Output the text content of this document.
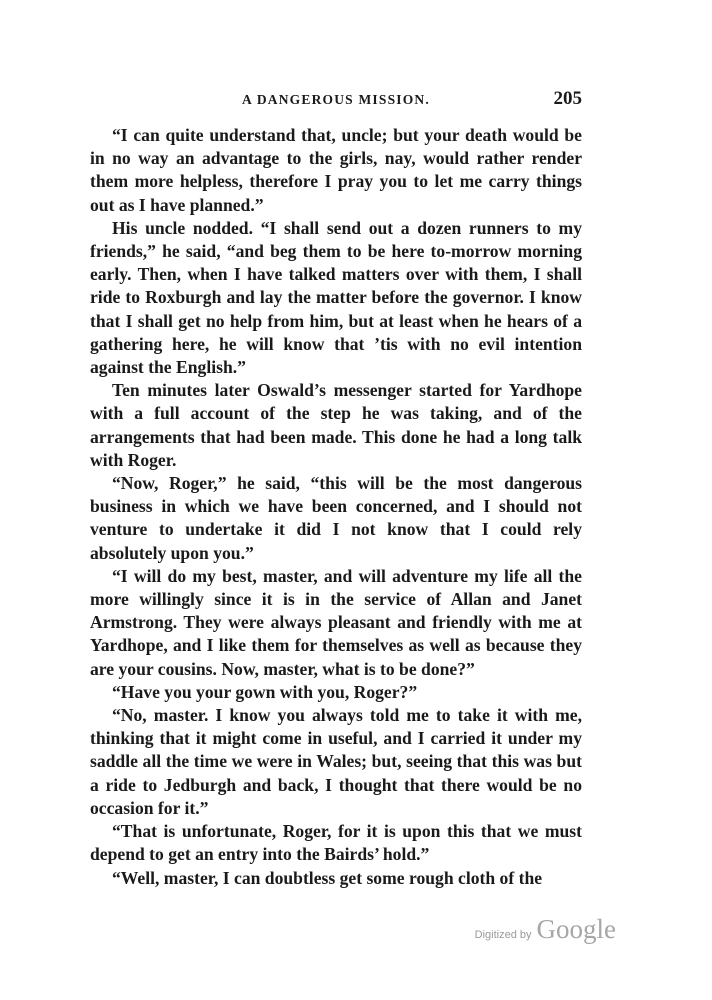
A DANGEROUS MISSION.	205

“I can quite understand that, uncle; but your death would be in no way an advantage to the girls, nay, would rather render them more helpless, therefore I pray you to let me carry things out as I have planned.”

His uncle nodded. “I shall send out a dozen runners to my friends,” he said, “and beg them to be here to-morrow morning early. Then, when I have talked matters over with them, I shall ride to Roxburgh and lay the matter before the governor. I know that I shall get no help from him, but at least when he hears of a gathering here, he will know that ’tis with no evil intention against the English.”

Ten minutes later Oswald’s messenger started for Yardhope with a full account of the step he was taking, and of the arrangements that had been made. This done he had a long talk with Roger.

“Now, Roger,” he said, “this will be the most dangerous business in which we have been concerned, and I should not venture to undertake it did I not know that I could rely absolutely upon you.”

“I will do my best, master, and will adventure my life all the more willingly since it is in the service of Allan and Janet Armstrong. They were always pleasant and friendly with me at Yardhope, and I like them for themselves as well as because they are your cousins. Now, master, what is to be done?”

“Have you your gown with you, Roger?”

“No, master. I know you always told me to take it with me, thinking that it might come in useful, and I carried it under my saddle all the time we were in Wales; but, seeing that this was but a ride to Jedburgh and back, I thought that there would be no occasion for it.”

“That is unfortunate, Roger, for it is upon this that we must depend to get an entry into the Bairds’ hold.”

“Well, master, I can doubtless get some rough cloth of the

Digitized by Google
